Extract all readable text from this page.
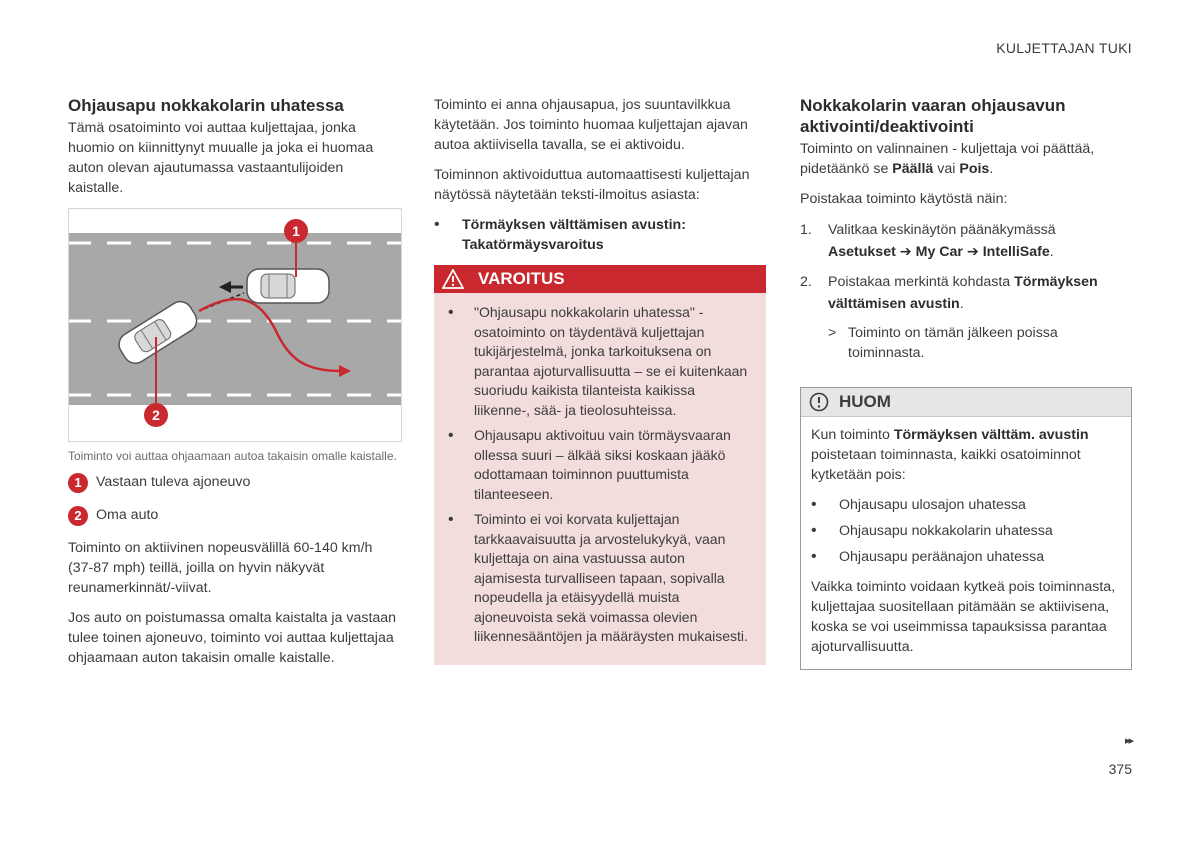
KULJETTAJAN TUKI
Ohjausapu nokkakolarin uhatessa

Tämä osatoiminto voi auttaa kuljettajaa, jonka huomio on kiinnittynyt muualle ja joka ei huomaa auton olevan ajautumassa vastaantulijoiden kaistalle.

1
2	G063081

Toiminto voi auttaa ohjaamaan autoa takaisin omalle kaistalle.

1	Vastaan tuleva ajoneuvo
2	Oma auto

Toiminto on aktiivinen nopeusvälillä 60-140 km/h (37-87 mph) teillä, joilla on hyvin näkyvät reunamerkinnät/-viivat.

Jos auto on poistumassa omalta kaistalta ja vastaan tulee toinen ajoneuvo, toiminto voi auttaa kuljettajaa ohjaamaan auton takaisin omalle kaistalle.

Toiminto ei anna ohjausapua, jos suuntavilkkua käytetään. Jos toiminto huomaa kuljettajan ajavan autoa aktiivisella tavalla, se ei aktivoidu.

Toiminnon aktivoiduttua automaattisesti kuljettajan näytössä näytetään teksti-ilmoitus asiasta:

• Törmäyksen välttämisen avustin: Takatörmäysvaroitus
VAROITUS
• "Ohjausapu nokkakolarin uhatessa" -osatoiminto on täydentävä kuljettajan tukijärjestelmä, jonka tarkoituksena on parantaa ajoturvallisuutta – se ei kuitenkaan suoriudu kaikista tilanteista kaikissa liikenne-, sää- ja tieolosuhteissa.
• Ohjausapu aktivoituu vain törmäysvaaran ollessa suuri – älkää siksi koskaan jääkö odottamaan toiminnon puuttumista tilanteeseen.
• Toiminto ei voi korvata kuljettajan tarkkaavaisuutta ja arvostelukykyä, vaan kuljettaja on aina vastuussa auton ajamisesta turvalliseen tapaan, sopivalla nopeudella ja etäisyydellä muista ajoneuvoista sekä voimassa olevien liikennesääntöjen ja määräysten mukaisesti.
Nokkakolarin vaaran ohjausavun aktivointi/deaktivointi

Toiminto on valinnainen - kuljettaja voi päättää, pidetäänkö se Päällä vai Pois.

Poistakaa toiminto käytöstä näin:

1.	Valitkaa keskinäytön päänäkymässä
Asetukset ➔ My Car ➔ IntelliSafe.
2.	Poistakaa merkintä kohdasta Törmäyksen välttämisen avustin.
> Toiminto on tämän jälkeen poissa toiminnasta.
HUOM

Kun toiminto Törmäyksen välttäm. avustin poistetaan toiminnasta, kaikki osatoiminnot kytketään pois:

• Ohjausapu ulosajon uhatessa
• Ohjausapu nokkakolarin uhatessa
• Ohjausapu peräänajon uhatessa

Vaikka toiminto voidaan kytkeä pois toiminnasta, kuljettajaa suositellaan pitämään se aktiivisena, koska se voi useimmissa tapauksissa parantaa ajoturvallisuutta.

▸▸
375
